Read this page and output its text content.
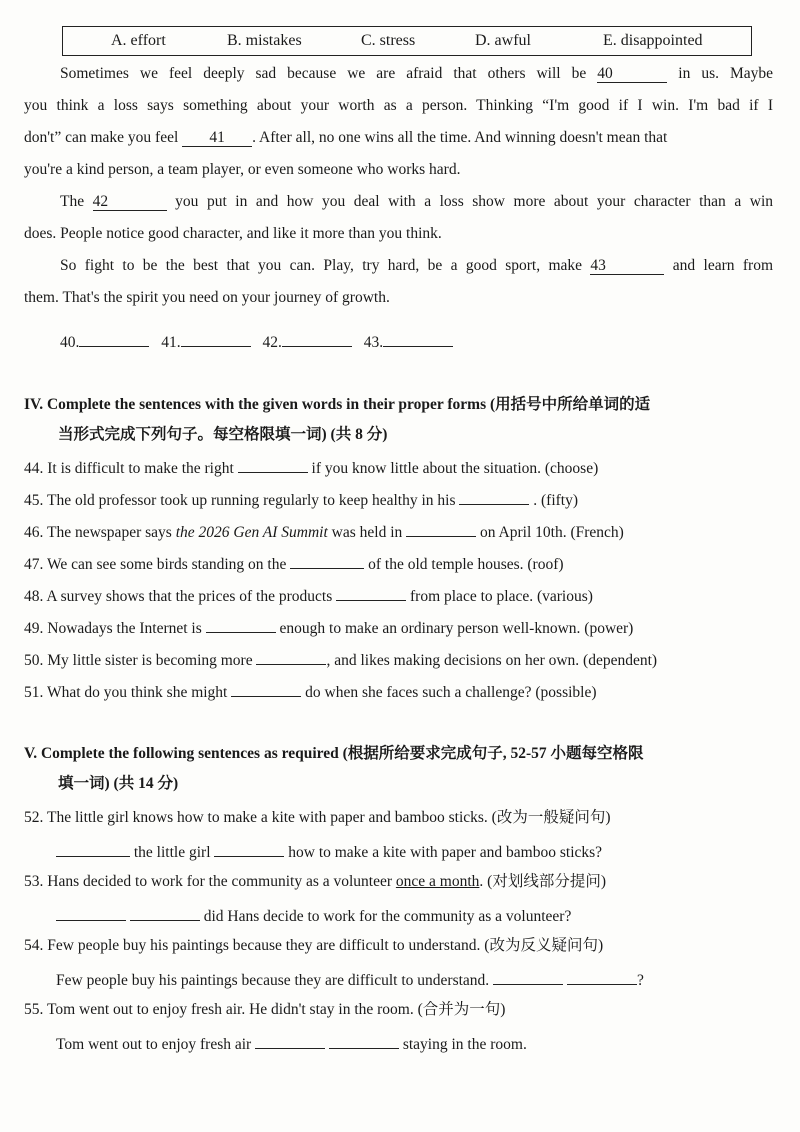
A. effort	B. mistakes	C. stress	D. awful	E. disappointed
Sometimes we feel deeply sad because we are afraid that others will be 40	in us. Maybe
you think a loss says something about your worth as a person. Thinking “I'm good if I win. I'm bad if I
don't” can make you feel 41 . After all, no one wins all the time. And winning doesn't mean that
you're a kind person, a team player, or even someone who works hard.
The 42	you put in and how you deal with a loss show more about your character than a win
does. People notice good character, and like it more than you think.
So fight to be the best that you can. Play, try hard, be a good sport, make 43	and learn from
them. That's the spirit you need on your journey of growth.
40.	41.	42.	43.
IV. Complete the sentences with the given words in their proper forms (用括号中所给单词的适
当形式完成下列句子。每空格限填一词) (共 8 分)
44. It is difficult to make the right	if you know little about the situation. (choose)
45. The old professor took up running regularly to keep healthy in his	. (fifty)
46. The newspaper says the 2026 Gen AI Summit was held in	on April 10th. (French)
47. We can see some birds standing on the	of the old temple houses. (roof)
48. A survey shows that the prices of the products	from place to place. (various)
49. Nowadays the Internet is	enough to make an ordinary person well-known. (power)
50. My little sister is becoming more	, and likes making decisions on her own. (dependent)
51. What do you think she might	do when she faces such a challenge? (possible)
V. Complete the following sentences as required (根据所给要求完成句子, 52-57 小题每空格限
填一词) (共 14 分)
52. The little girl knows how to make a kite with paper and bamboo sticks. (改为一般疑问句)
the little girl	how to make a kite with paper and bamboo sticks?
53. Hans decided to work for the community as a volunteer once a month. (对划线部分提问)
did Hans decide to work for the community as a volunteer?
54. Few people buy his paintings because they are difficult to understand. (改为反义疑问句)
Few people buy his paintings because they are difficult to understand.	?
55. Tom went out to enjoy fresh air. He didn't stay in the room. (合并为一句)
Tom went out to enjoy fresh air	staying in the room.
